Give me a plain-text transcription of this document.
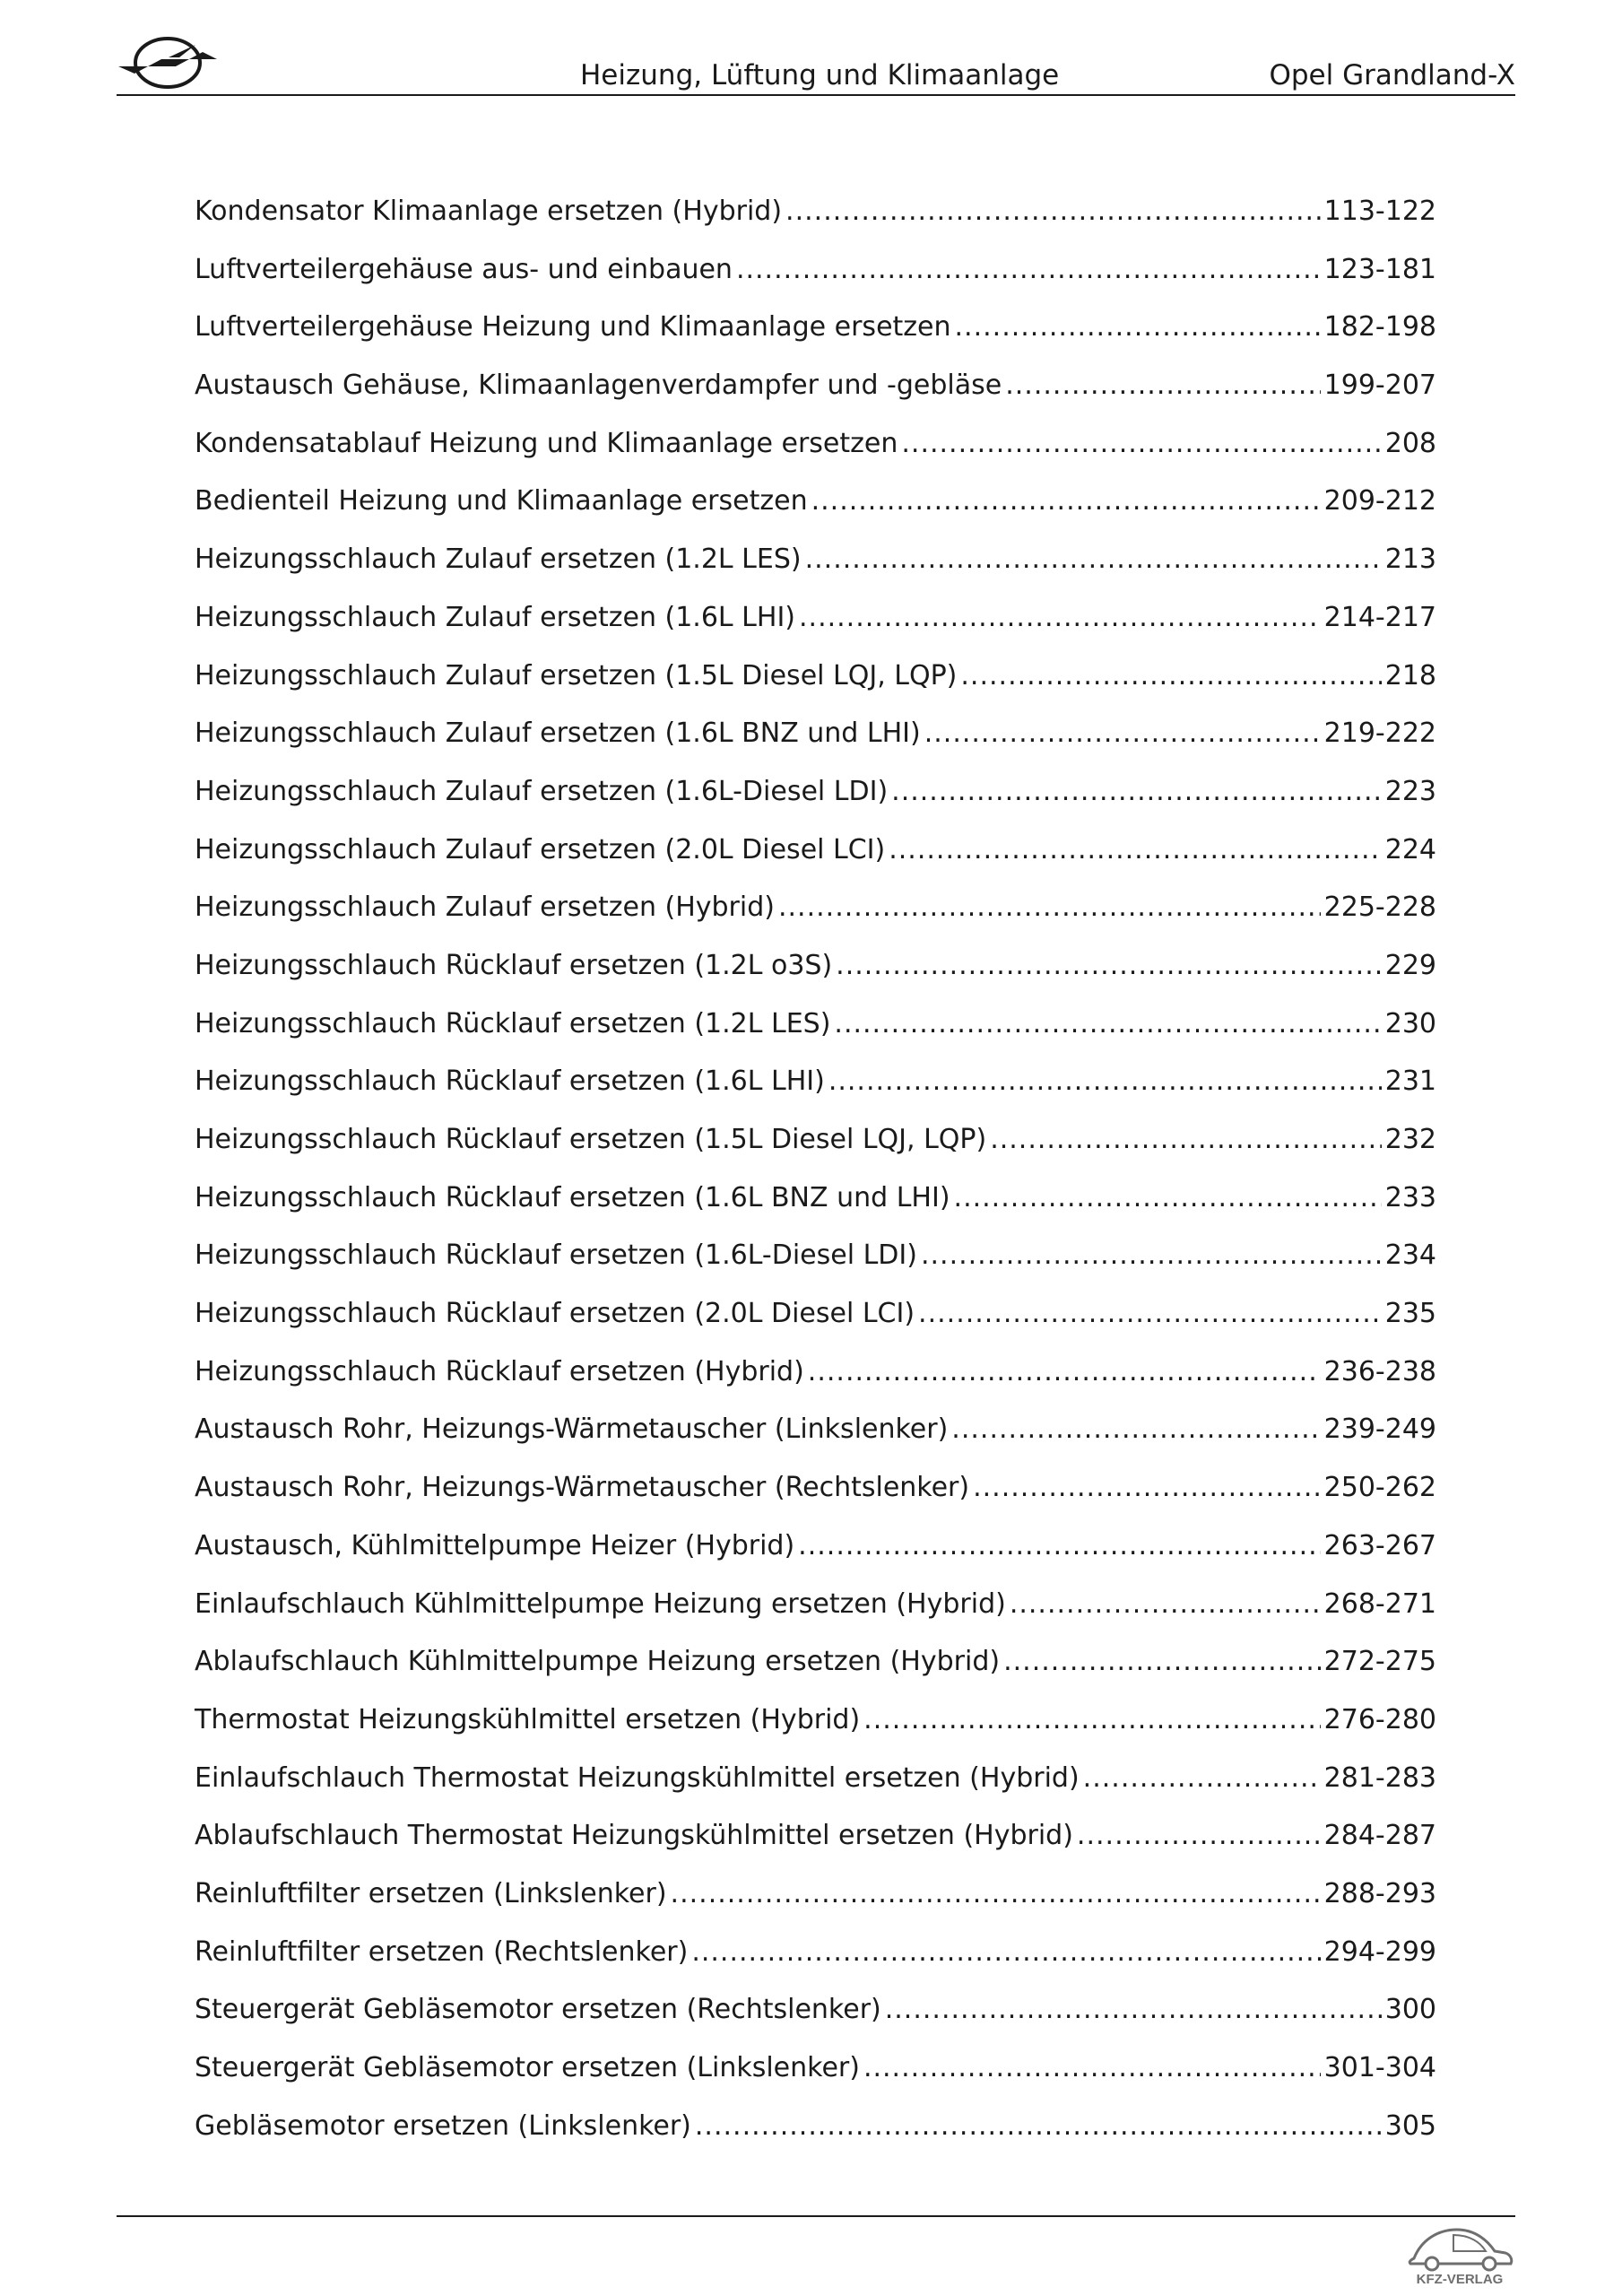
Heizung, Lüftung und Klimaanlage	Opel Grandland-X
Kondensator Klimaanlage ersetzen (Hybrid) .....	113-122
Luftverteilergehäuse aus- und einbauen .....	123-181
Luftverteilergehäuse Heizung und Klimaanlage ersetzen .....	182-198
Austausch Gehäuse, Klimaanlagenverdampfer und -gebläse .....	199-207
Kondensatablauf Heizung und Klimaanlage ersetzen .....	208
Bedienteil Heizung und Klimaanlage ersetzen .....	209-212
Heizungsschlauch Zulauf ersetzen (1.2L LES) .....	213
Heizungsschlauch Zulauf ersetzen (1.6L LHI) .....	214-217
Heizungsschlauch Zulauf ersetzen (1.5L Diesel LQJ, LQP) .....	218
Heizungsschlauch Zulauf ersetzen (1.6L BNZ und LHI) .....	219-222
Heizungsschlauch Zulauf ersetzen (1.6L-Diesel LDI) .....	223
Heizungsschlauch Zulauf ersetzen (2.0L Diesel LCI) .....	224
Heizungsschlauch Zulauf ersetzen (Hybrid) .....	225-228
Heizungsschlauch Rücklauf ersetzen (1.2L o3S) .....	229
Heizungsschlauch Rücklauf ersetzen (1.2L LES) .....	230
Heizungsschlauch Rücklauf ersetzen (1.6L LHI) .....	231
Heizungsschlauch Rücklauf ersetzen (1.5L Diesel LQJ, LQP) .....	232
Heizungsschlauch Rücklauf ersetzen (1.6L BNZ und LHI) .....	233
Heizungsschlauch Rücklauf ersetzen (1.6L-Diesel LDI) .....	234
Heizungsschlauch Rücklauf ersetzen (2.0L Diesel LCI) .....	235
Heizungsschlauch Rücklauf ersetzen (Hybrid) .....	236-238
Austausch Rohr, Heizungs-Wärmetauscher (Linkslenker) .....	239-249
Austausch Rohr, Heizungs-Wärmetauscher (Rechtslenker) .....	250-262
Austausch, Kühlmittelpumpe Heizer (Hybrid) .....	263-267
Einlaufschlauch Kühlmittelpumpe Heizung ersetzen (Hybrid) .....	268-271
Ablaufschlauch Kühlmittelpumpe Heizung ersetzen (Hybrid) .....	272-275
Thermostat Heizungskühlmittel ersetzen (Hybrid) .....	276-280
Einlaufschlauch Thermostat Heizungskühlmittel ersetzen (Hybrid) .....	281-283
Ablaufschlauch Thermostat Heizungskühlmittel ersetzen (Hybrid) .....	284-287
Reinluftfilter ersetzen (Linkslenker) .....	288-293
Reinluftfilter ersetzen (Rechtslenker) .....	294-299
Steuergerät Gebläsemotor ersetzen (Rechtslenker) .....	300
Steuergerät Gebläsemotor ersetzen (Linkslenker) .....	301-304
Gebläsemotor ersetzen (Linkslenker) .....	305
KFZ-VERLAG
